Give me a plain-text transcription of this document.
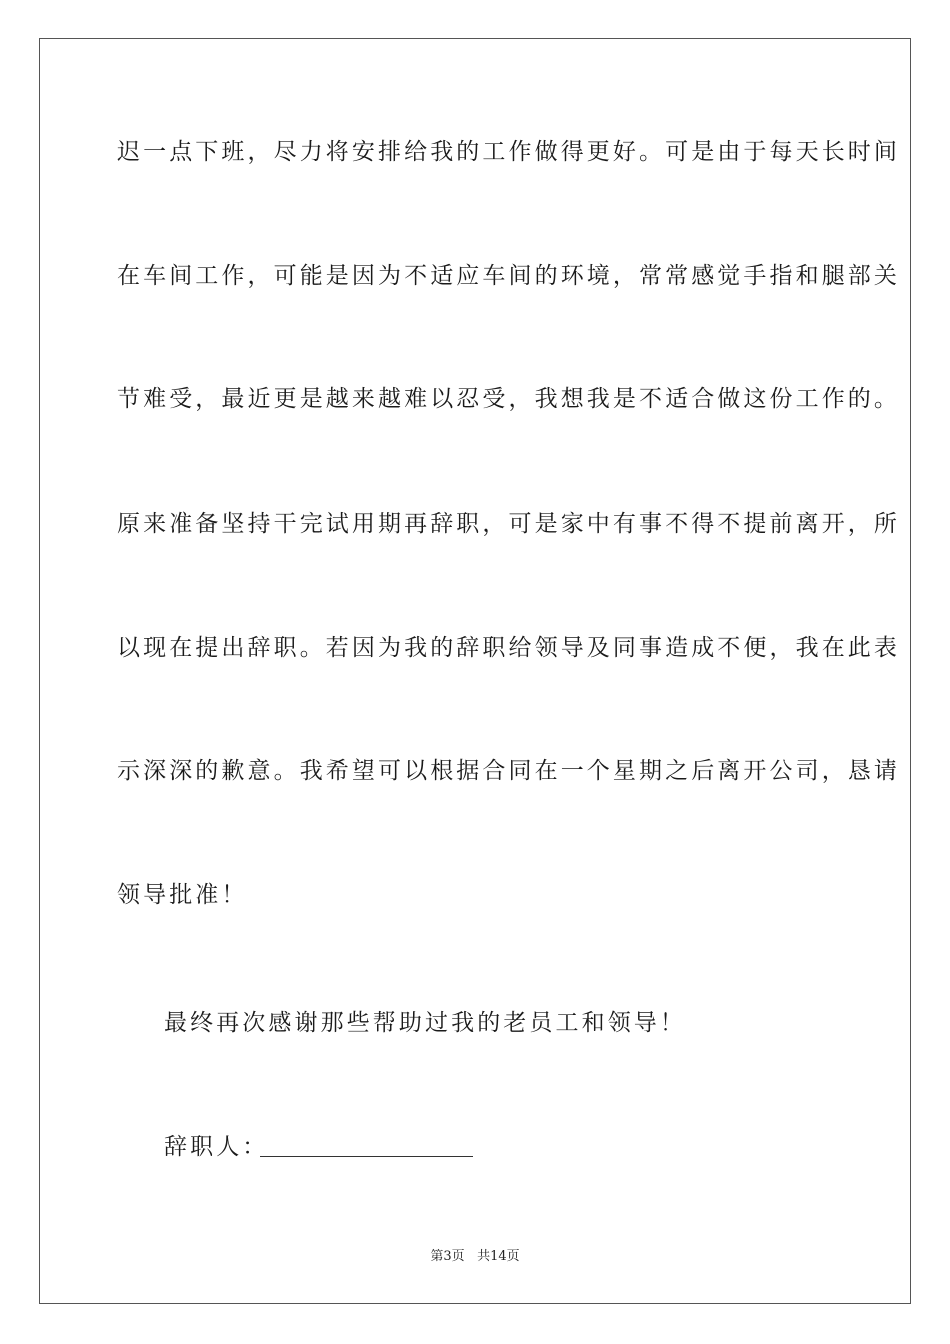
迟一点下班，尽力将安排给我的工作做得更好。可是由于每天长时间
在车间工作，可能是因为不适应车间的环境，常常感觉手指和腿部关
节难受，最近更是越来越难以忍受，我想我是不适合做这份工作的。
原来准备坚持干完试用期再辞职，可是家中有事不得不提前离开，所
以现在提出辞职。若因为我的辞职给领导及同事造成不便，我在此表
示深深的歉意。我希望可以根据合同在一个星期之后离开公司，恳请
领导批准！
最终再次感谢那些帮助过我的老员工和领导！
辞职人：
第3页 共14页
